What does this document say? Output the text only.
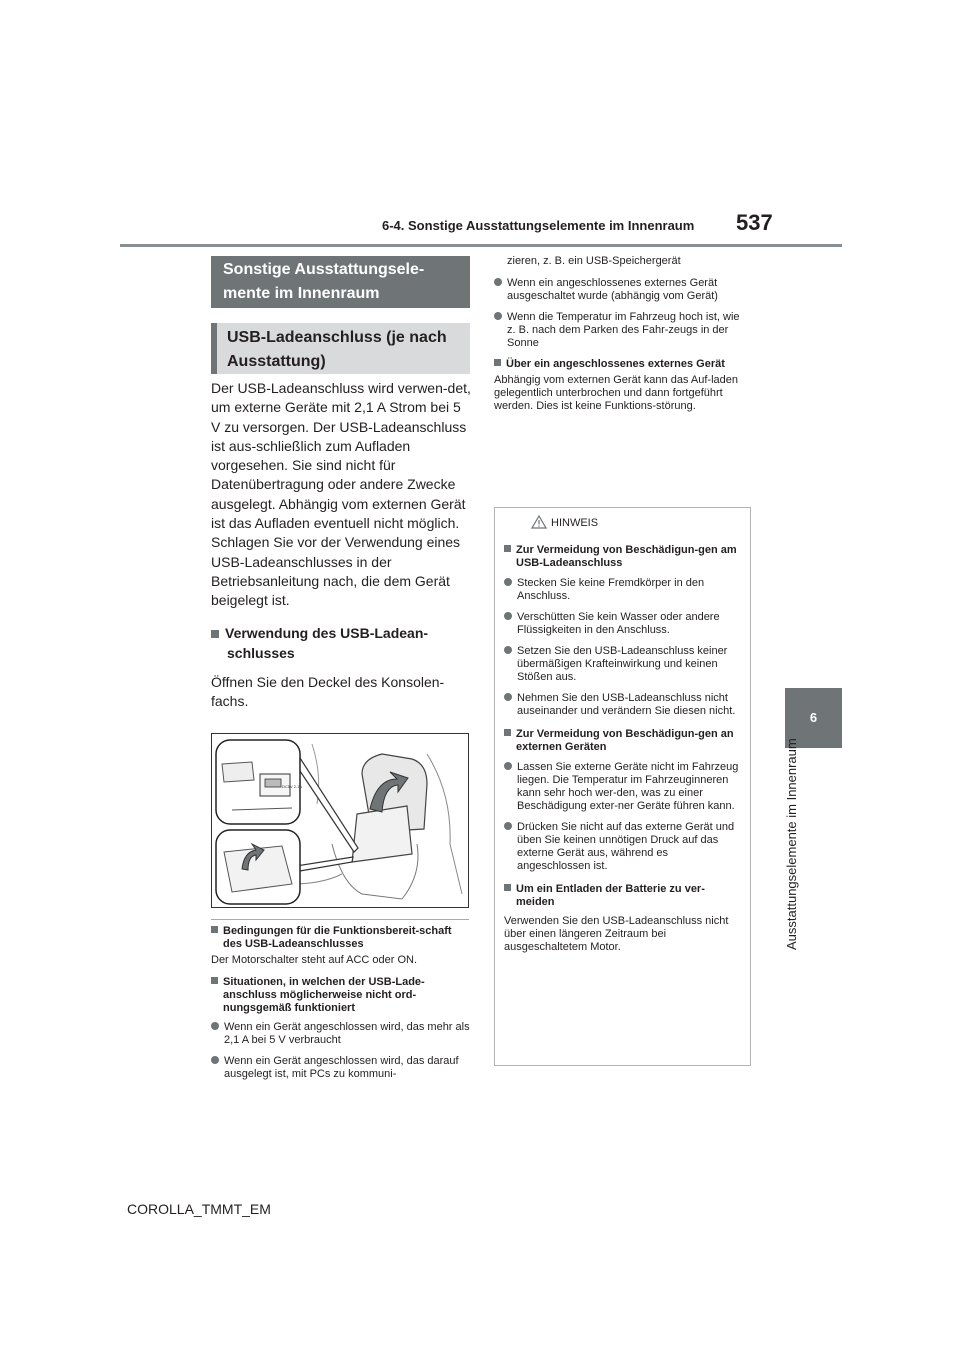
6-4. Sonstige Ausstattungselemente im Innenraum 537
6
Ausstattungselemente im Innenraum
Sonstige Ausstattungsele-mente im Innenraum
USB-Ladeanschluss (je nach Ausstattung)
Der USB-Ladeanschluss wird verwen-det, um externe Geräte mit 2,1 A Strom bei 5 V zu versorgen. Der USB-Ladeanschluss ist aus-schließlich zum Aufladen vorgesehen. Sie sind nicht für Datenübertragung oder andere Zwecke ausgelegt. Abhängig vom externen Gerät ist das Aufladen eventuell nicht möglich. Schlagen Sie vor der Verwendung eines USB-Ladeanschlusses in der Betriebsanleitung nach, die dem Gerät beigelegt ist.
Verwendung des USB-Ladean-schlusses
Öffnen Sie den Deckel des Konsolen-fachs.
DC5V 2.1A
Bedingungen für die Funktionsbereit-schaft des USB-Ladeanschlusses
Der Motorschalter steht auf ACC oder ON.
Situationen, in welchen der USB-Lade-anschluss möglicherweise nicht ord-nungsgemäß funktioniert
Wenn ein Gerät angeschlossen wird, das mehr als 2,1 A bei 5 V verbraucht
Wenn ein Gerät angeschlossen wird, das darauf ausgelegt ist, mit PCs zu kommuni-
zieren, z. B. ein USB-Speichergerät
Wenn ein angeschlossenes externes Gerät ausgeschaltet wurde (abhängig vom Gerät)
Wenn die Temperatur im Fahrzeug hoch ist, wie z. B. nach dem Parken des Fahr-zeugs in der Sonne
Über ein angeschlossenes externes Gerät
Abhängig vom externen Gerät kann das Auf-laden gelegentlich unterbrochen und dann fortgeführt werden. Dies ist keine Funktions-störung.
HINWEIS
Zur Vermeidung von Beschädigun-gen am USB-Ladeanschluss
Stecken Sie keine Fremdkörper in den Anschluss.
Verschütten Sie kein Wasser oder andere Flüssigkeiten in den Anschluss.
Setzen Sie den USB-Ladeanschluss keiner übermäßigen Krafteinwirkung und keinen Stößen aus.
Nehmen Sie den USB-Ladeanschluss nicht auseinander und verändern Sie diesen nicht.
Zur Vermeidung von Beschädigun-gen an externen Geräten
Lassen Sie externe Geräte nicht im Fahrzeug liegen. Die Temperatur im Fahrzeuginneren kann sehr hoch wer-den, was zu einer Beschädigung exter-ner Geräte führen kann.
Drücken Sie nicht auf das externe Gerät und üben Sie keinen unnötigen Druck auf das externe Gerät aus, während es angeschlossen ist.
Um ein Entladen der Batterie zu ver-meiden
Verwenden Sie den USB-Ladeanschluss nicht über einen längeren Zeitraum bei ausgeschaltetem Motor.
COROLLA_TMMT_EM
